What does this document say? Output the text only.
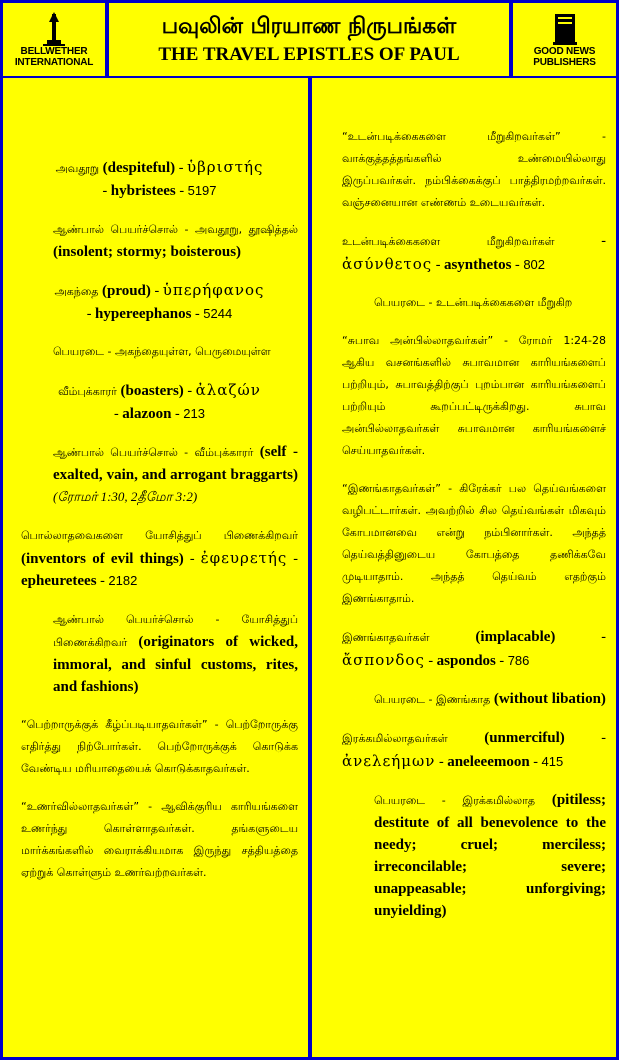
BELLWETHER INTERNATIONAL
பவுலின் பிரயாண நிருபங்கள்
THE TRAVEL EPISTLES OF PAUL	GOOD NEWS PUBLISHERS

அவதூறு (despiteful) - ὑβριστής
- hybristees - 5197

ஆண்பால் பெயர்ச்சொல் - அவதூறு, தூஷித்தல் (insolent; stormy; boisterous)

அகந்தை (proud) - ὑπερήφανος
- hypereephanos - 5244

பெயரடை - அகந்தையுள்ள, பெருமையுள்ள

வீம்புக்காரர் (boasters) - ἀλαζών
- alazoon - 213

ஆண்பால் பெயர்ச்சொல் - வீம்புக்காரர் (self - exalted, vain, and arrogant braggarts) (ரோமர் 1:30, 2தீமோ 3:2)

பொல்லாதவைகளை யோசித்துப் பிணைக்கிறவர் (inventors of evil things) - ἐφευρετής - epheuretees - 2182

ஆண்பால் பெயர்ச்சொல் - யோசித்துப் பிணைக்கிறவர் (originators of wicked, immoral, and sinful customs, rites, and fashions)

“பெற்றாருக்குக் கீழ்ப்படியாதவர்கள்” - பெற்றோருக்கு எதிர்த்து நிற்போர்கள். பெற்றோருக்குக் கொடுக்க வேண்டிய மரியாதையைக் கொடுக்காதவர்கள்.

“உணர்வில்லாதவர்கள்” - ஆவிக்குரிய காரியங்களை உணர்ந்து கொள்ளாதவர்கள். தங்களுடைய மார்க்கங்களில் வைராக்கியமாக இருந்து சத்தியத்தை ஏற்றுக் கொள்ளும் உணர்வற்றவர்கள்.

“உடன்படிக்கைகளை மீறுகிறவர்கள்” - வாக்குத்தத்தங்களில் உண்மையில்லாது இருப்பவர்கள். நம்பிக்கைக்குப் பாத்திரமற்றவர்கள். வஞ்சனையான எண்ணம் உடையவர்கள்.

உடன்படிக்கைகளை மீறுகிறவர்கள்	- ἀσύνθετος - asynthetos - 802

பெயரடை - உடன்படிக்கைகளை மீறுகிற

“சுபாவ அன்பில்லாதவர்கள்” - ரோமர் 1:24-28 ஆகிய வசனங்களில் சுபாவமான காரியங்களைப் பற்றியும், சுபாவத்திற்குப் புறம்பான காரியங்களைப் பற்றியும் கூறப்பட்டிருக்கிறது. சுபாவ அன்பில்லாதவர்கள் சுபாவமான காரியங்களைச் செய்யாதவர்கள்.

“இணங்காதவர்கள்” - கிரேக்கர் பல தெய்வங்களை வழிபட்டார்கள். அவற்றில் சில தெய்வங்கள் மிகவும் கோபமானவை என்று நம்பினார்கள். அந்தத் தெய்வத்தினுடைய கோபத்தை தணிக்கவே முடியாதாம். அந்தத் தெய்வம் எதற்கும் இணங்காதாம்.

இணங்காதவர்கள்	(implacable)	- ἄσπονδος - aspondos - 786

பெயரடை - இணங்காத (without libation)

இரக்கமில்லாதவர்கள் (unmerciful)	- ἀνελεήμων - aneleeemoon - 415

பெயரடை - இரக்கமில்லாத (pitiless; destitute of all benevolence to the needy; cruel; merciless; irreconcilable; severe; unappeasable; unforgiving; unyielding)
